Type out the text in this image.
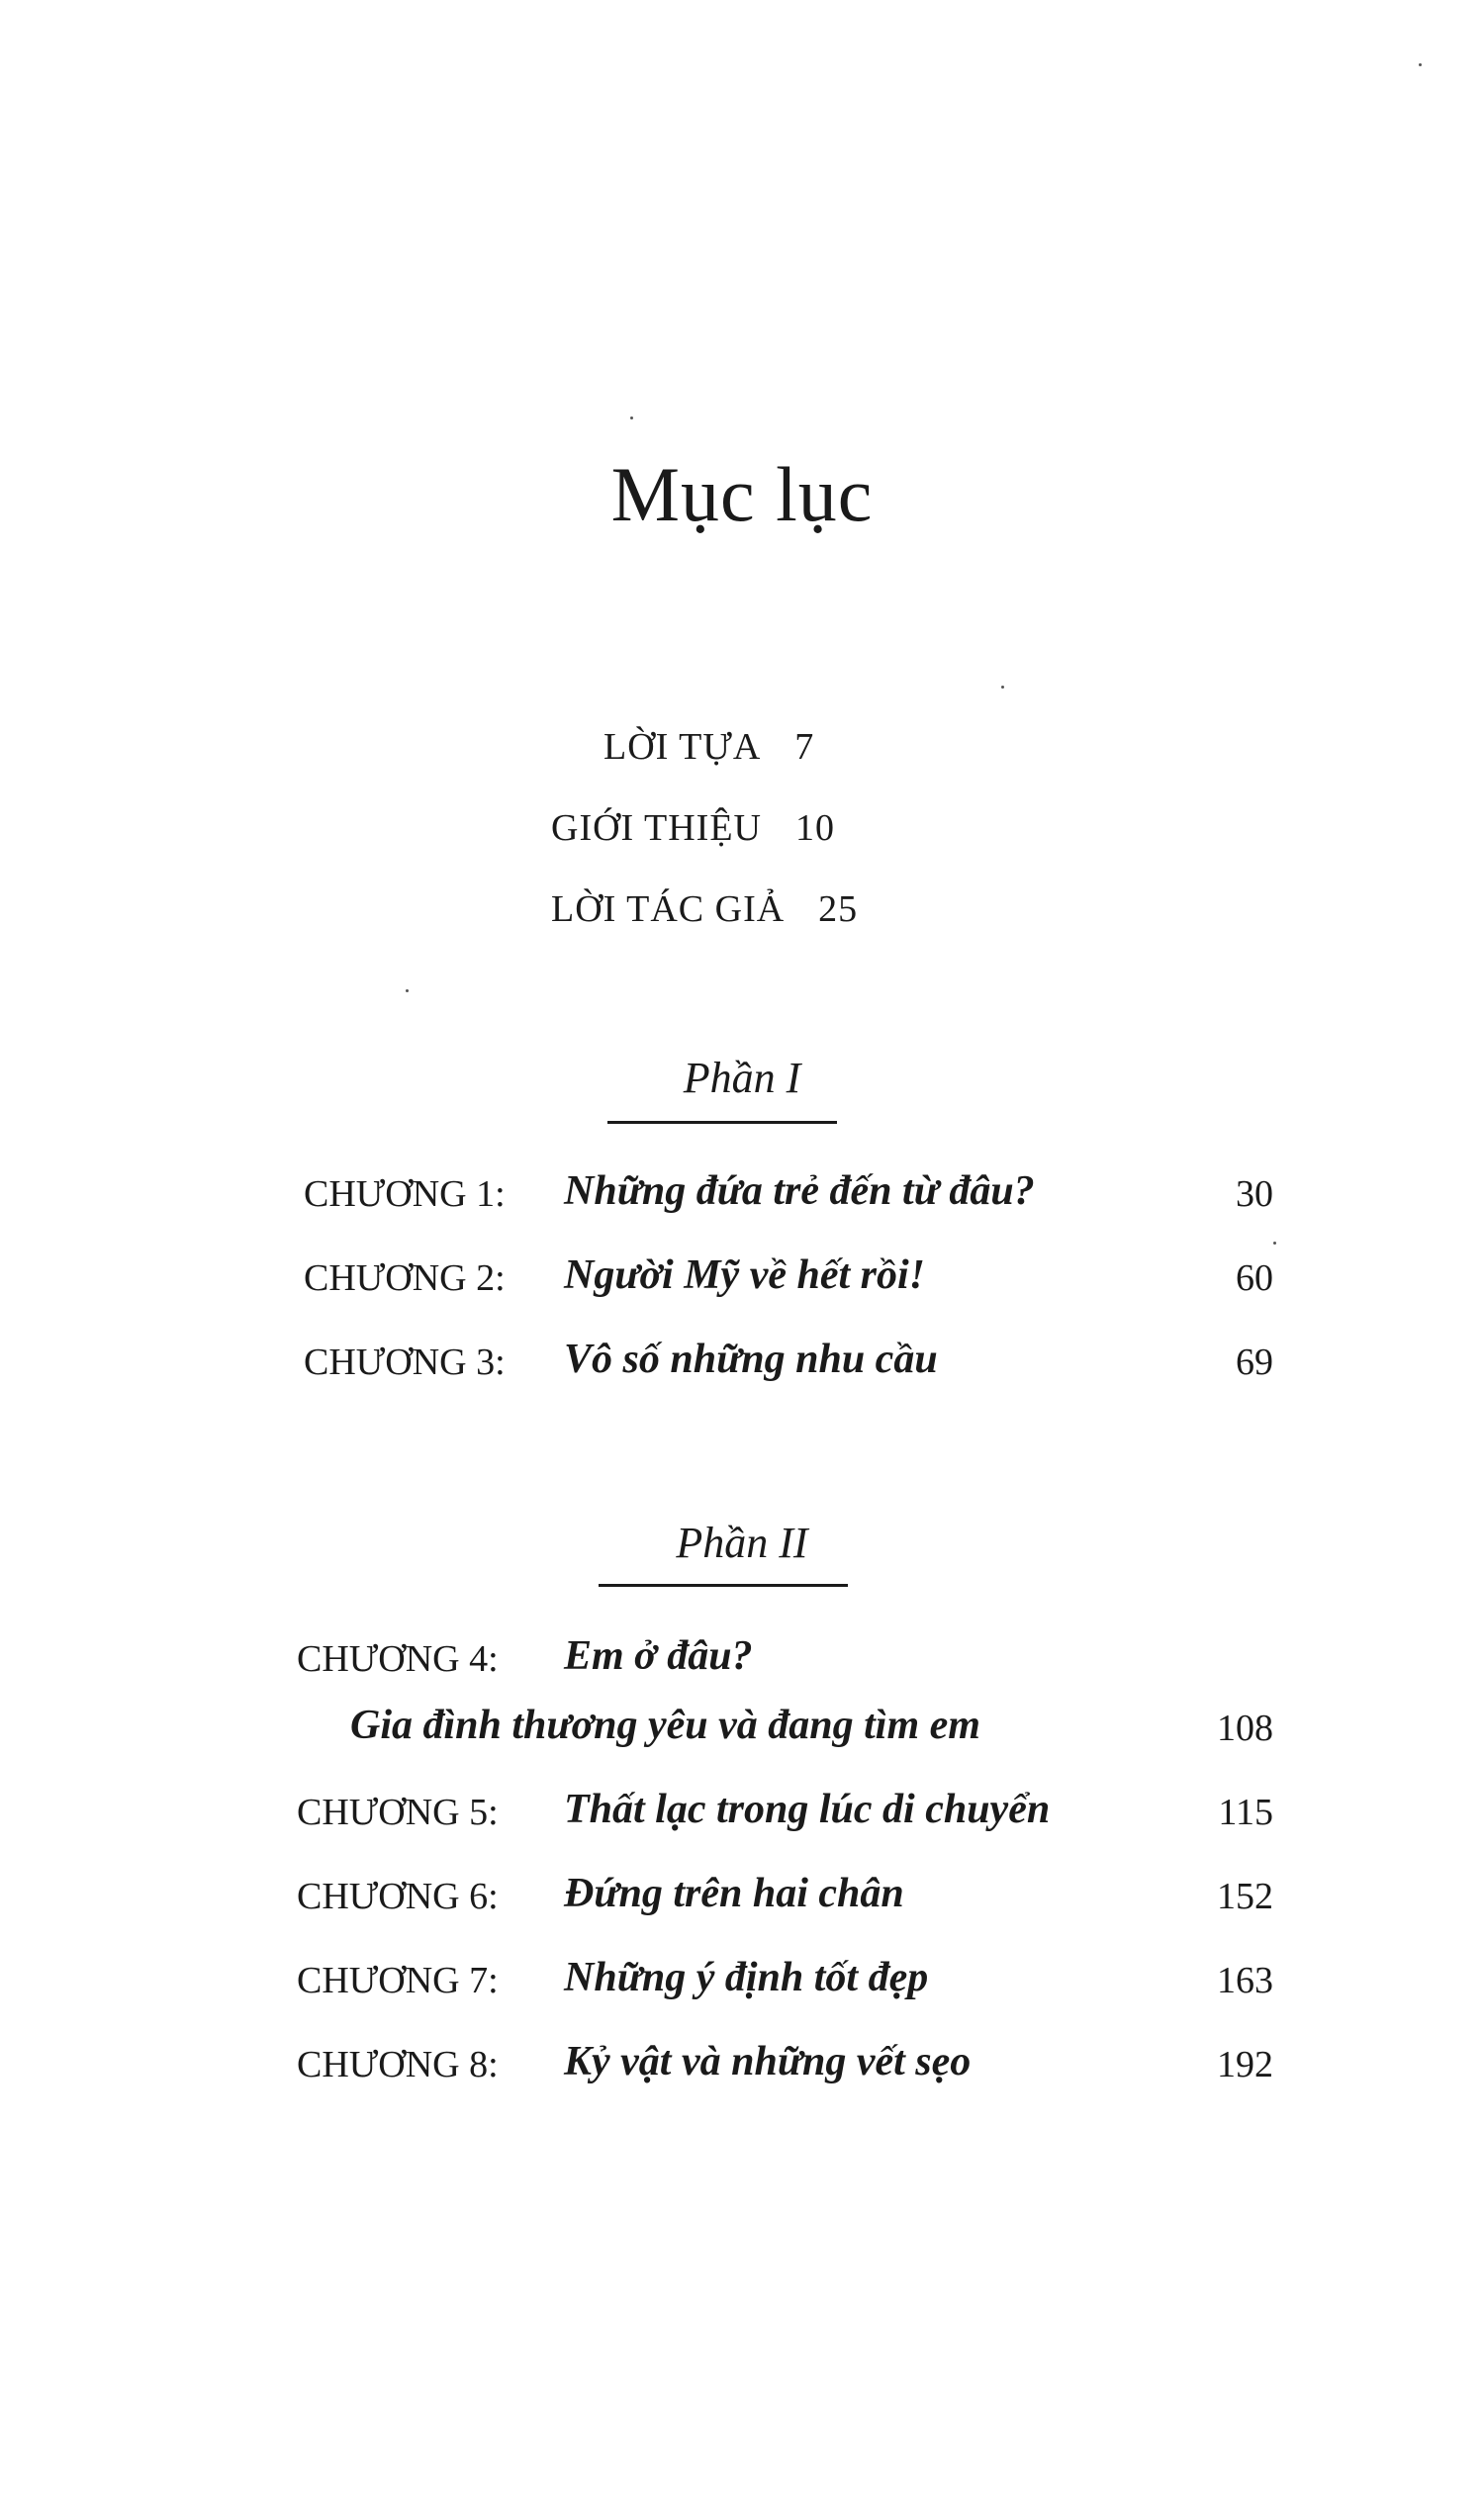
Mục lục
LỜI TỰA 7
GIỚI THIỆU 10
LỜI TÁC GIẢ 25
Phần I
CHƯƠNG 1: Những đứa trẻ đến từ đâu?	30
CHƯƠNG 2: Người Mỹ về hết rồi!	60
CHƯƠNG 3: Vô số những nhu cầu	69
Phần II
CHƯƠNG 4: Em ở đâu?
Gia đình thương yêu và đang tìm em	108
CHƯƠNG 5: Thất lạc trong lúc di chuyển	115
CHƯƠNG 6: Đứng trên hai chân	152
CHƯƠNG 7: Những ý định tốt đẹp	163
CHƯƠNG 8: Kỷ vật và những vết sẹo	192
